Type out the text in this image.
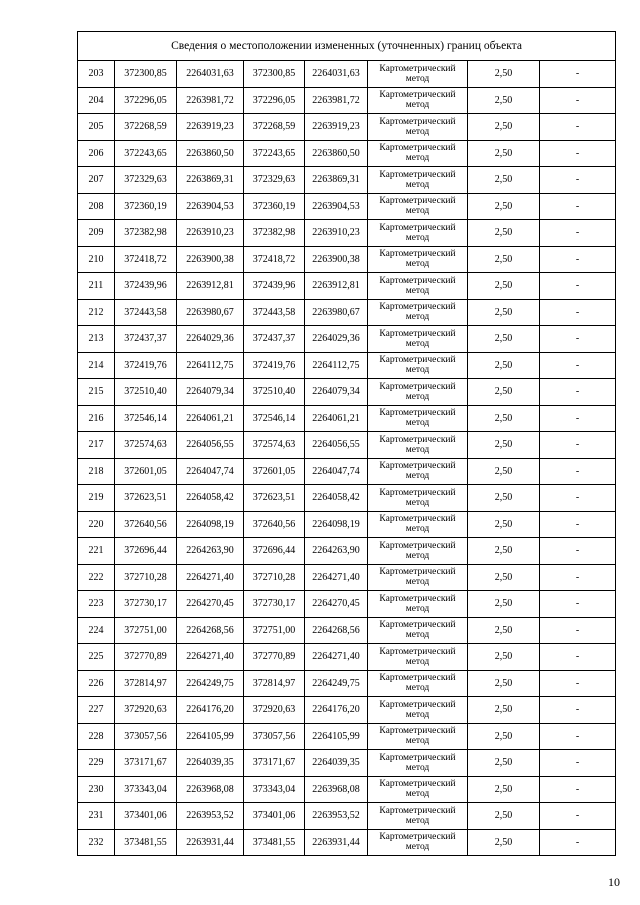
Сведения о местоположении измененных (уточненных) границ объекта							
203	372300,85	2264031,63	372300,85	2264031,63	Картометрический метод	2,50	-
204	372296,05	2263981,72	372296,05	2263981,72	Картометрический метод	2,50	-
205	372268,59	2263919,23	372268,59	2263919,23	Картометрический метод	2,50	-
206	372243,65	2263860,50	372243,65	2263860,50	Картометрический метод	2,50	-
207	372329,63	2263869,31	372329,63	2263869,31	Картометрический метод	2,50	-
208	372360,19	2263904,53	372360,19	2263904,53	Картометрический метод	2,50	-
209	372382,98	2263910,23	372382,98	2263910,23	Картометрический метод	2,50	-
210	372418,72	2263900,38	372418,72	2263900,38	Картометрический метод	2,50	-
211	372439,96	2263912,81	372439,96	2263912,81	Картометрический метод	2,50	-
212	372443,58	2263980,67	372443,58	2263980,67	Картометрический метод	2,50	-
213	372437,37	2264029,36	372437,37	2264029,36	Картометрический метод	2,50	-
214	372419,76	2264112,75	372419,76	2264112,75	Картометрический метод	2,50	-
215	372510,40	2264079,34	372510,40	2264079,34	Картометрический метод	2,50	-
216	372546,14	2264061,21	372546,14	2264061,21	Картометрический метод	2,50	-
217	372574,63	2264056,55	372574,63	2264056,55	Картометрический метод	2,50	-
218	372601,05	2264047,74	372601,05	2264047,74	Картометрический метод	2,50	-
219	372623,51	2264058,42	372623,51	2264058,42	Картометрический метод	2,50	-
220	372640,56	2264098,19	372640,56	2264098,19	Картометрический метод	2,50	-
221	372696,44	2264263,90	372696,44	2264263,90	Картометрический метод	2,50	-
222	372710,28	2264271,40	372710,28	2264271,40	Картометрический метод	2,50	-
223	372730,17	2264270,45	372730,17	2264270,45	Картометрический метод	2,50	-
224	372751,00	2264268,56	372751,00	2264268,56	Картометрический метод	2,50	-
225	372770,89	2264271,40	372770,89	2264271,40	Картометрический метод	2,50	-
226	372814,97	2264249,75	372814,97	2264249,75	Картометрический метод	2,50	-
227	372920,63	2264176,20	372920,63	2264176,20	Картометрический метод	2,50	-
228	373057,56	2264105,99	373057,56	2264105,99	Картометрический метод	2,50	-
229	373171,67	2264039,35	373171,67	2264039,35	Картометрический метод	2,50	-
230	373343,04	2263968,08	373343,04	2263968,08	Картометрический метод	2,50	-
231	373401,06	2263953,52	373401,06	2263953,52	Картометрический метод	2,50	-
232	373481,55	2263931,44	373481,55	2263931,44	Картометрический метод	2,50	-
10
